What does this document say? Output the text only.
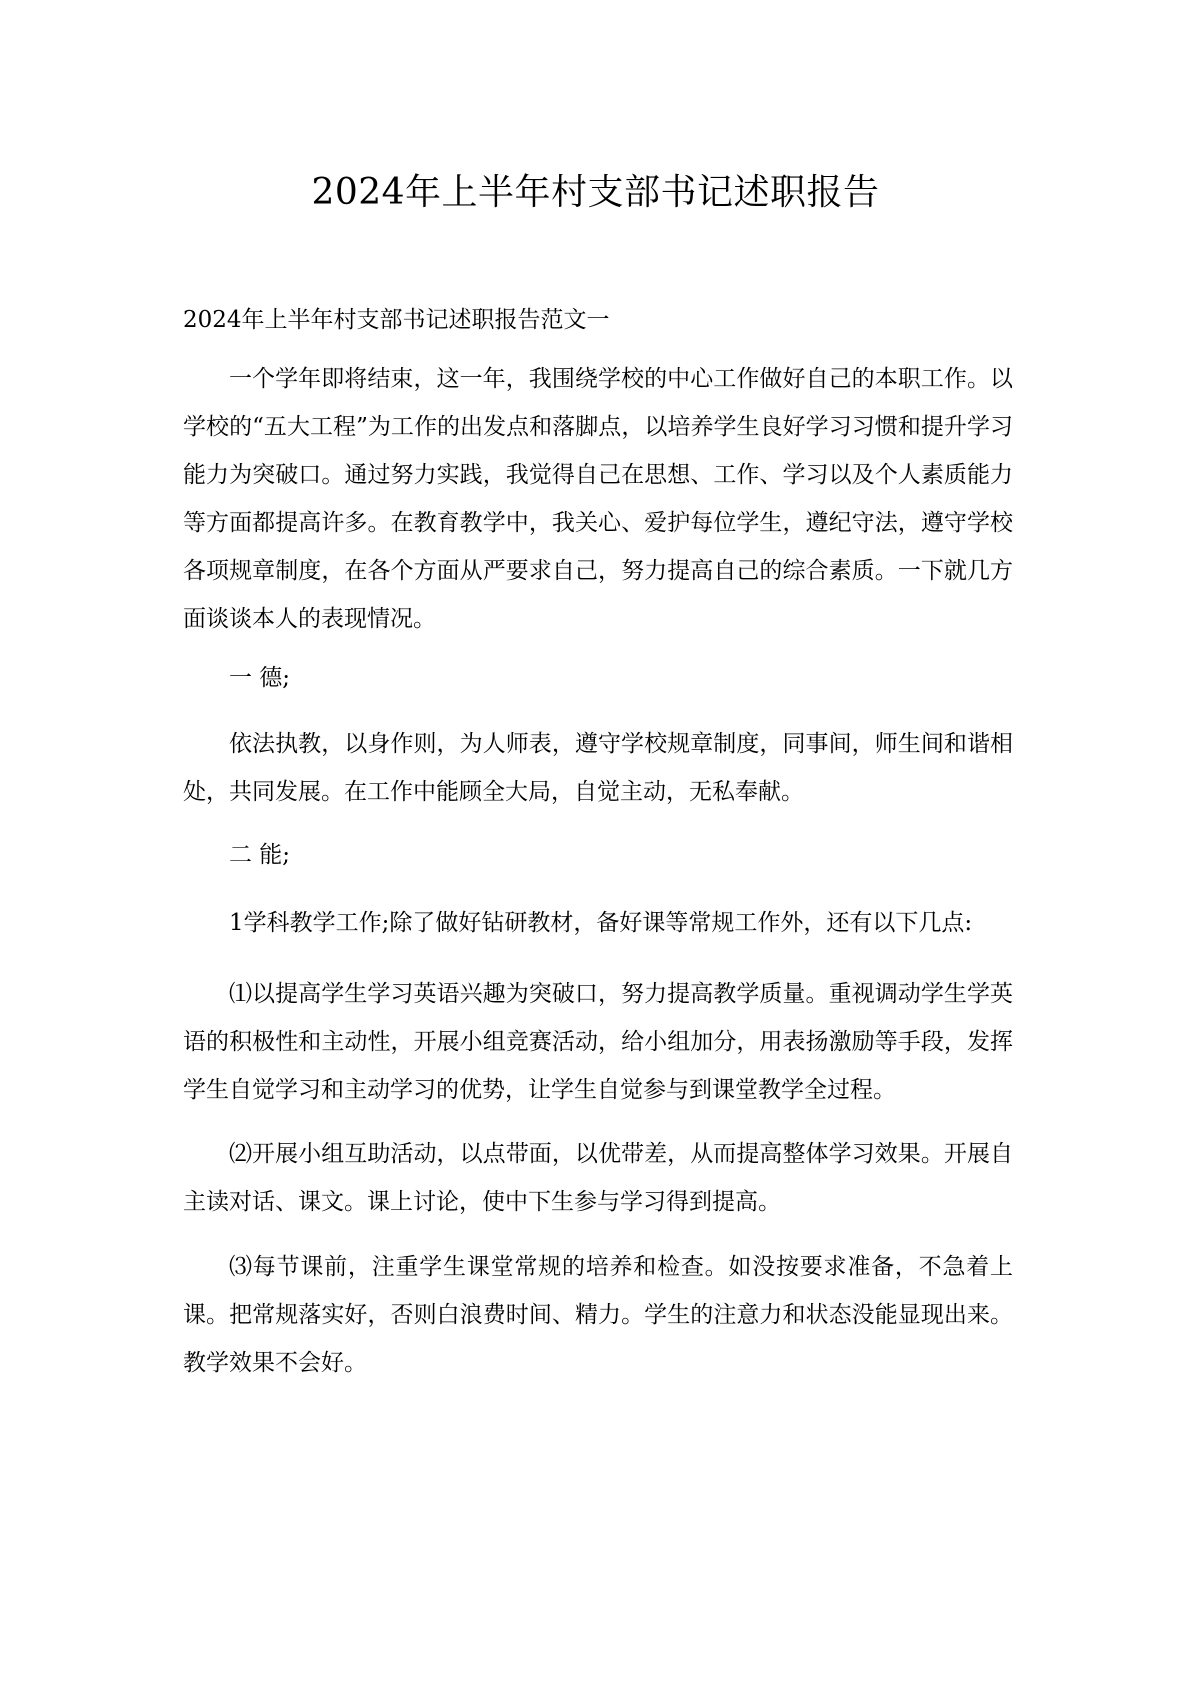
2024年上半年村支部书记述职报告
2024年上半年村支部书记述职报告范文一
一个学年即将结束，这一年，我围绕学校的中心工作做好自己的本职工作。以学校的“五大工程”为工作的出发点和落脚点，以培养学生良好学习习惯和提升学习能力为突破口。通过努力实践，我觉得自己在思想、工作、学习以及个人素质能力等方面都提高许多。在教育教学中，我关心、爱护每位学生，遵纪守法，遵守学校各项规章制度，在各个方面从严要求自己，努力提高自己的综合素质。一下就几方面谈谈本人的表现情况。
一 德;
依法执教，以身作则，为人师表，遵守学校规章制度，同事间，师生间和谐相处，共同发展。在工作中能顾全大局，自觉主动，无私奉献。
二 能;
1学科教学工作;除了做好钻研教材，备好课等常规工作外，还有以下几点:
⑴以提高学生学习英语兴趣为突破口，努力提高教学质量。重视调动学生学英语的积极性和主动性，开展小组竞赛活动，给小组加分，用表扬激励等手段，发挥学生自觉学习和主动学习的优势，让学生自觉参与到课堂教学全过程。
⑵开展小组互助活动，以点带面，以优带差，从而提高整体学习效果。开展自主读对话、课文。课上讨论，使中下生参与学习得到提高。
⑶每节课前，注重学生课堂常规的培养和检查。如没按要求准备，不急着上课。把常规落实好，否则白浪费时间、精力。学生的注意力和状态没能显现出来。教学效果不会好。
